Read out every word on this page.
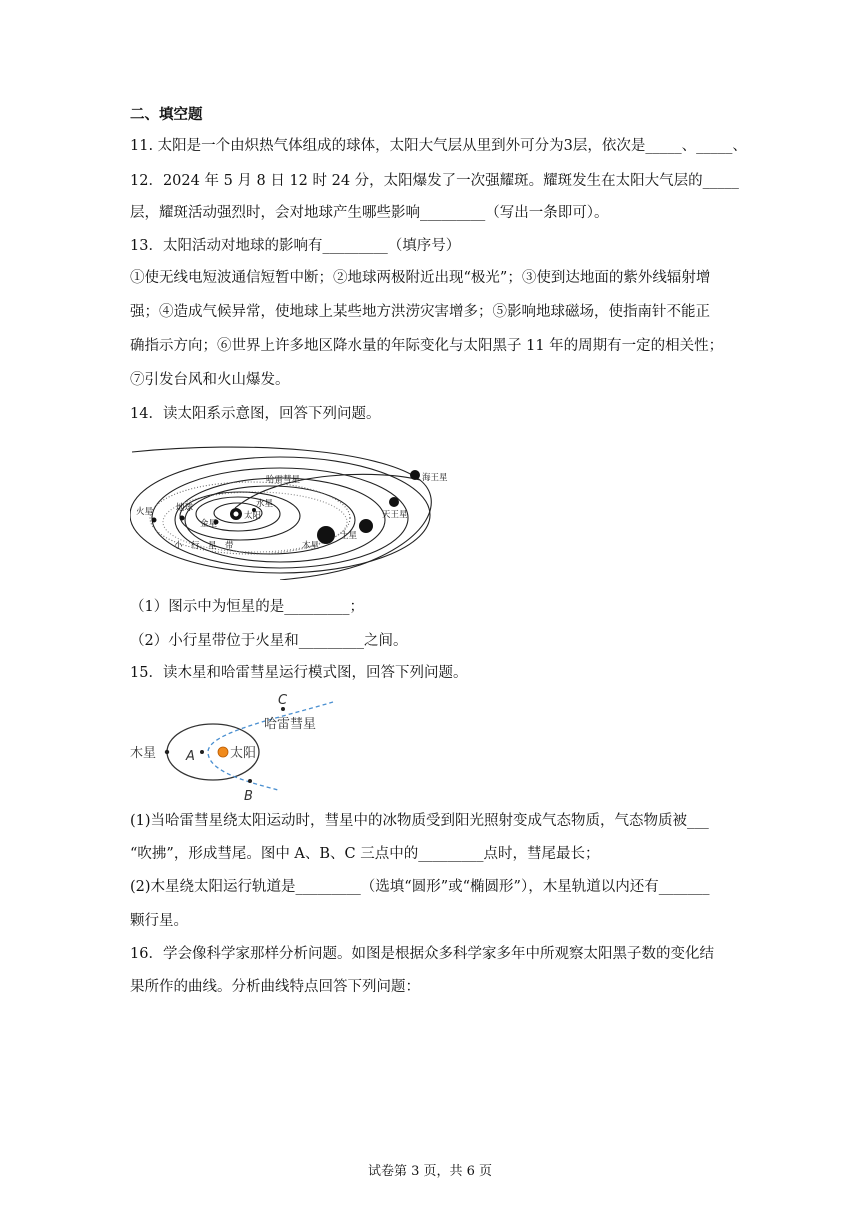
二、填空题
11. 太阳是一个由炽热气体组成的球体，太阳大气层从里到外可分为3层，依次是_____、_____、
12．2024 年 5 月 8 日 12 时 24 分，太阳爆发了一次强耀斑。耀斑发生在太阳大气层的_____
层，耀斑活动强烈时，会对地球产生哪些影响_________（写出一条即可）。
13．太阳活动对地球的影响有_________（填序号）
①使无线电短波通信短暂中断；②地球两极附近出现“极光”；③使到达地面的紫外线辐射增
强；④造成气候异常，使地球上某些地方洪涝灾害增多；⑤影响地球磁场，使指南针不能正
确指示方向；⑥世界上许多地区降水量的年际变化与太阳黑子 11 年的周期有一定的相关性；
⑦引发台风和火山爆发。
14．读太阳系示意图，回答下列问题。
哈雷彗星
太阳
水星
金星
地球
火星
小　行　星　带	木星
土星
天王星
海王星
（1）图示中为恒星的是_________；
（2）小行星带位于火星和_________之间。
15．读木星和哈雷彗星运行模式图，回答下列问题。
C
哈雷彗星
木星 A	太阳
B
(1)当哈雷彗星绕太阳运动时，彗星中的冰物质受到阳光照射变成气态物质，气态物质被___
“吹拂”，形成彗尾。图中 A、B、C 三点中的_________点时，彗尾最长；
(2)木星绕太阳运行轨道是_________（选填“圆形”或“椭圆形”），木星轨道以内还有_______
颗行星。
16．学会像科学家那样分析问题。如图是根据众多科学家多年中所观察太阳黑子数的变化结
果所作的曲线。分析曲线特点回答下列问题：
试卷第 3 页，共 6 页
